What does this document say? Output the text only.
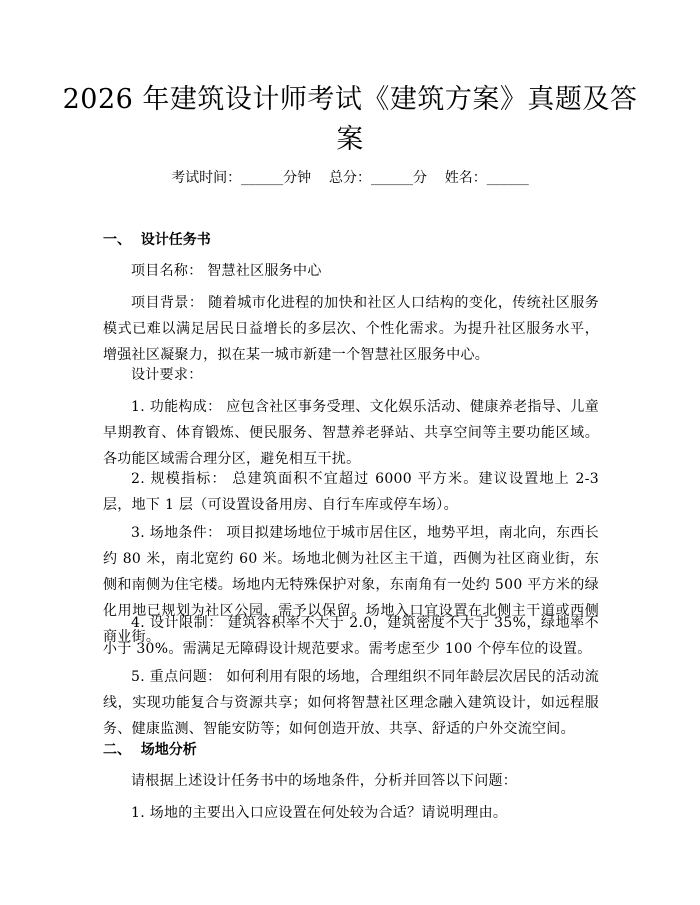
2026 年建筑设计师考试《建筑方案》真题及答案
考试时间：______分钟    总分：______分    姓名：______
一、  设计任务书
项目名称： 智慧社区服务中心
项目背景： 随着城市化进程的加快和社区人口结构的变化，传统社区服务模式已难以满足居民日益增长的多层次、个性化需求。为提升社区服务水平，增强社区凝聚力，拟在某一城市新建一个智慧社区服务中心。
设计要求：
1. 功能构成： 应包含社区事务受理、文化娱乐活动、健康养老指导、儿童早期教育、体育锻炼、便民服务、智慧养老驿站、共享空间等主要功能区域。各功能区域需合理分区，避免相互干扰。
2. 规模指标： 总建筑面积不宜超过 6000 平方米。建议设置地上 2-3 层，地下 1 层（可设置设备用房、自行车库或停车场）。
3. 场地条件： 项目拟建场地位于城市居住区，地势平坦，南北向，东西长约 80 米，南北宽约 60 米。场地北侧为社区主干道，西侧为社区商业街，东侧和南侧为住宅楼。场地内无特殊保护对象，东南角有一处约 500 平方米的绿化用地已规划为社区公园，需予以保留。场地入口宜设置在北侧主干道或西侧商业街。
4. 设计限制： 建筑容积率不大于 2.0，建筑密度不大于 35%，绿地率不小于 30%。需满足无障碍设计规范要求。需考虑至少 100 个停车位的设置。
5. 重点问题： 如何利用有限的场地，合理组织不同年龄层次居民的活动流线，实现功能复合与资源共享；如何将智慧社区理念融入建筑设计，如远程服务、健康监测、智能安防等；如何创造开放、共享、舒适的户外交流空间。
二、  场地分析
请根据上述设计任务书中的场地条件，分析并回答以下问题：
1. 场地的主要出入口应设置在何处较为合适？请说明理由。
